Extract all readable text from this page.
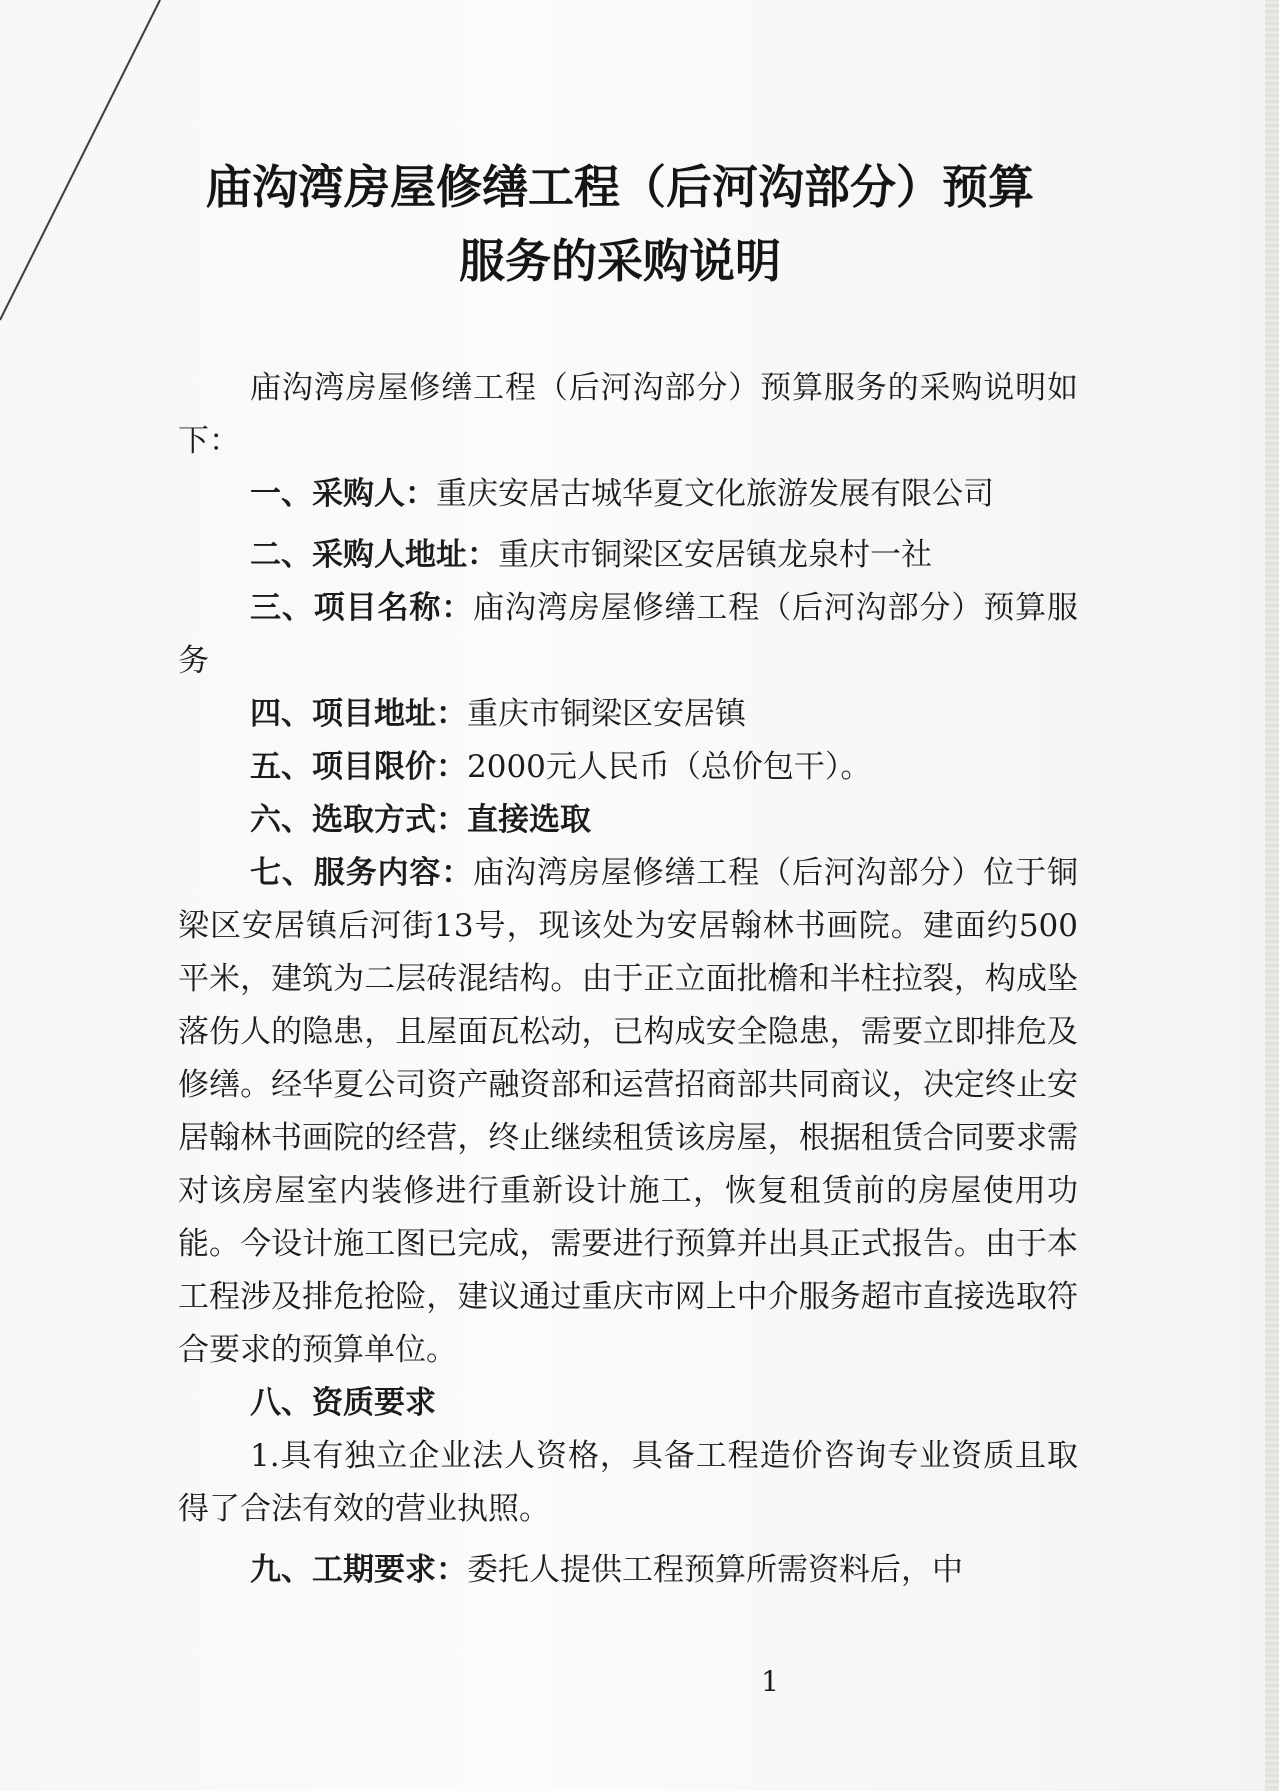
庙沟湾房屋修缮工程（后河沟部分）预算
服务的采购说明

庙沟湾房屋修缮工程（后河沟部分）预算服务的采购说明如下：

一、采购人：重庆安居古城华夏文化旅游发展有限公司

二、采购人地址：重庆市铜梁区安居镇龙泉村一社

三、项目名称：庙沟湾房屋修缮工程（后河沟部分）预算服务

四、项目地址：重庆市铜梁区安居镇

五、项目限价：2000元人民币（总价包干）。

六、选取方式：直接选取

七、服务内容：庙沟湾房屋修缮工程（后河沟部分）位于铜梁区安居镇后河街13号，现该处为安居翰林书画院。建面约500平米，建筑为二层砖混结构。由于正立面批檐和半柱拉裂，构成坠落伤人的隐患，且屋面瓦松动，已构成安全隐患，需要立即排危及修缮。经华夏公司资产融资部和运营招商部共同商议，决定终止安居翰林书画院的经营，终止继续租赁该房屋，根据租赁合同要求需对该房屋室内装修进行重新设计施工，恢复租赁前的房屋使用功能。今设计施工图已完成，需要进行预算并出具正式报告。由于本工程涉及排危抢险，建议通过重庆市网上中介服务超市直接选取符合要求的预算单位。

八、资质要求

1.具有独立企业法人资格，具备工程造价咨询专业资质且取得了合法有效的营业执照。

九、工期要求：委托人提供工程预算所需资料后，中

1
